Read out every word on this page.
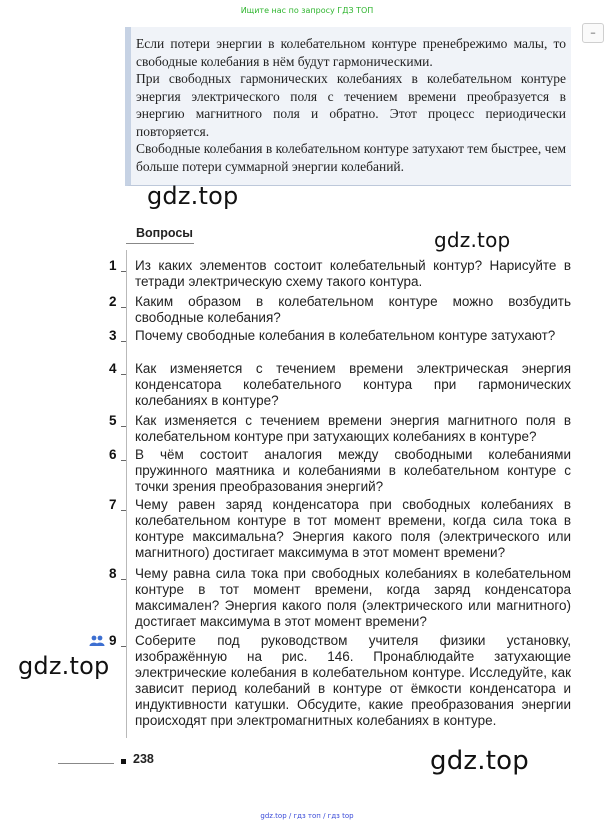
Ищите нас по запросу ГДЗ ТОП
–

Если потери энергии в колебательном контуре пренебрежимо малы, то свободные колебания в нём будут гармоническими.

При свободных гармонических колебаниях в колебательном контуре энергия электрического поля с течением времени преобразуется в энергию магнитного поля и обратно. Этот процесс периодически повторяется.

Свободные колебания в колебательном контуре затухают тем быстрее, чем больше потери суммарной энергии колебаний.

gdz.top
gdz.top
gdz.top
gdz.top
Вопросы
1	Из каких элементов состоит колебательный контур? Нарисуйте в тетради электрическую схему такого контура.
2	Каким образом в колебательном контуре можно возбудить свободные колебания?
3	Почему свободные колебания в колебательном контуре затухают?
4	Как изменяется с течением времени электрическая энергия конденсатора колебательного контура при гармонических колебаниях в контуре?
5	Как изменяется с течением времени энергия магнитного поля в колебательном контуре при затухающих колебаниях в контуре?
6	В чём состоит аналогия между свободными колебаниями пружинного маятника и колебаниями в колебательном контуре с точки зрения преобразования энергий?
7	Чему равен заряд конденсатора при свободных колебаниях в колебательном контуре в тот момент времени, когда сила тока в контуре максимальна? Энергия какого поля (электрического или магнитного) достигает максимума в этот момент времени?
8	Чему равна сила тока при свободных колебаниях в колебательном контуре в тот момент времени, когда заряд конденсатора максимален? Энергия какого поля (электрического или магнитного) достигает максимума в этот момент времени?
9	Соберите под руководством учителя физики установку, изображённую на рис. 146. Пронаблюдайте затухающие электрические колебания в колебательном контуре. Исследуйте, как зависит период колебаний в контуре от ёмкости конденсатора и индуктивности катушки. Обсудите, какие преобразования энергии происходят при электромагнитных колебаниях в контуре.
238
gdz.top / гдз топ / гдз top
